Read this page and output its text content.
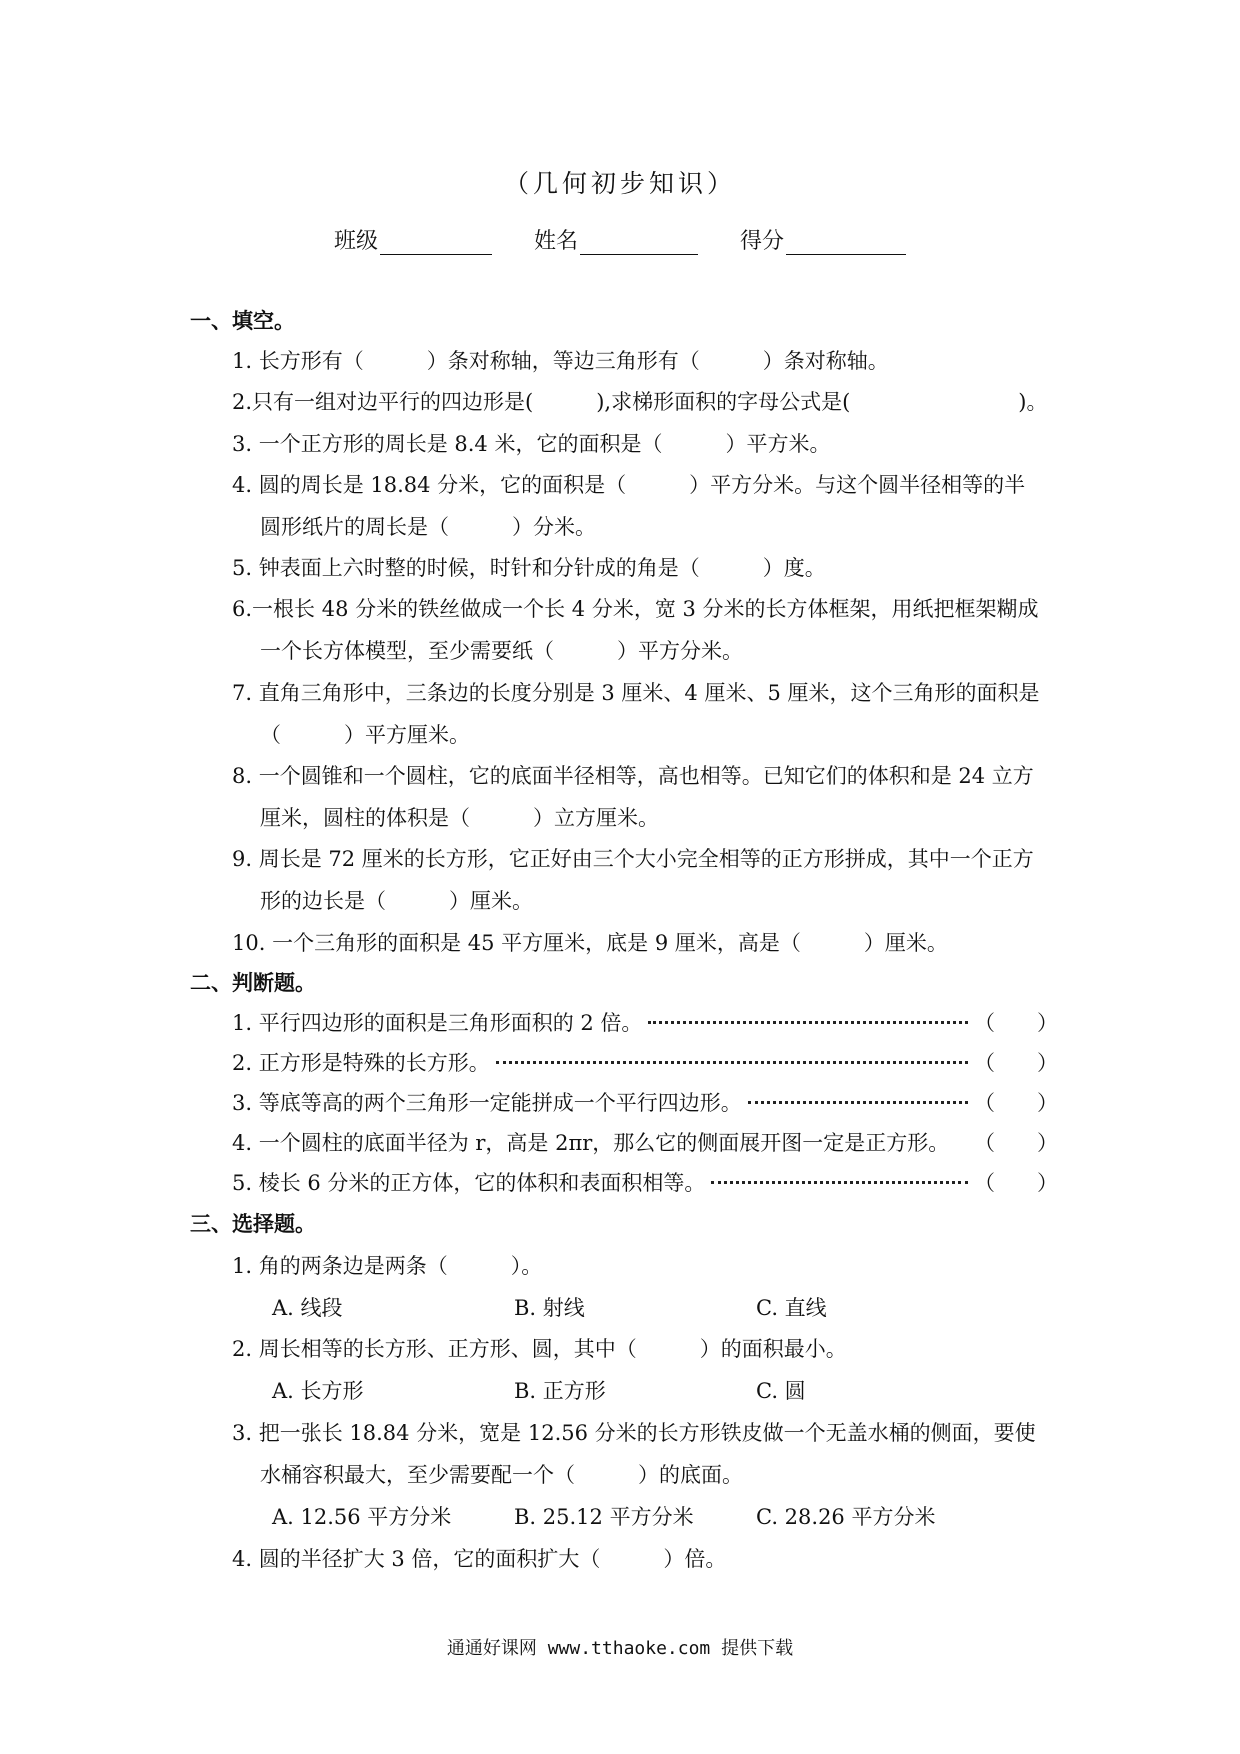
（几何初步知识）
班级	姓名	得分
一、填空。
1. 长方形有（　　　）条对称轴，等边三角形有（　　　）条对称轴。
2.只有一组对边平行的四边形是(　　　),求梯形面积的字母公式是(　　　　　　　　)。
3. 一个正方形的周长是 8.4 米，它的面积是（　　　）平方米。
4. 圆的周长是 18.84 分米，它的面积是（　　　）平方分米。与这个圆半径相等的半
圆形纸片的周长是（　　　）分米。
5. 钟表面上六时整的时候，时针和分针成的角是（　　　）度。
6.一根长 48 分米的铁丝做成一个长 4 分米，宽 3 分米的长方体框架，用纸把框架糊成
一个长方体模型，至少需要纸（　　　）平方分米。
7. 直角三角形中，三条边的长度分别是 3 厘米、4 厘米、5 厘米，这个三角形的面积是
（　　　）平方厘米。
8. 一个圆锥和一个圆柱，它的底面半径相等，高也相等。已知它们的体积和是 24 立方
厘米，圆柱的体积是（　　　）立方厘米。
9. 周长是 72 厘米的长方形，它正好由三个大小完全相等的正方形拼成，其中一个正方
形的边长是（　　　）厘米。
10. 一个三角形的面积是 45 平方厘米，底是 9 厘米，高是（　　　）厘米。
二、判断题。
1. 平行四边形的面积是三角形面积的 2 倍。	（　　）
2. 正方形是特殊的长方形。	（　　）
3. 等底等高的两个三角形一定能拼成一个平行四边形。	（　　）
4. 一个圆柱的底面半径为 r，高是 2πr，那么它的侧面展开图一定是正方形。 （　　）
5. 棱长 6 分米的正方体，它的体积和表面积相等。	（　　）
三、选择题。
1. 角的两条边是两条（　　　）。
A. 线段	B. 射线	C. 直线
2. 周长相等的长方形、正方形、圆，其中（　　　）的面积最小。
A. 长方形	B. 正方形	C. 圆
3. 把一张长 18.84 分米，宽是 12.56 分米的长方形铁皮做一个无盖水桶的侧面，要使
水桶容积最大，至少需要配一个（　　　）的底面。
A. 12.56 平方分米	B. 25.12 平方分米	C. 28.26 平方分米
4. 圆的半径扩大 3 倍，它的面积扩大（　　　）倍。
通通好课网 www.tthaoke.com 提供下载
